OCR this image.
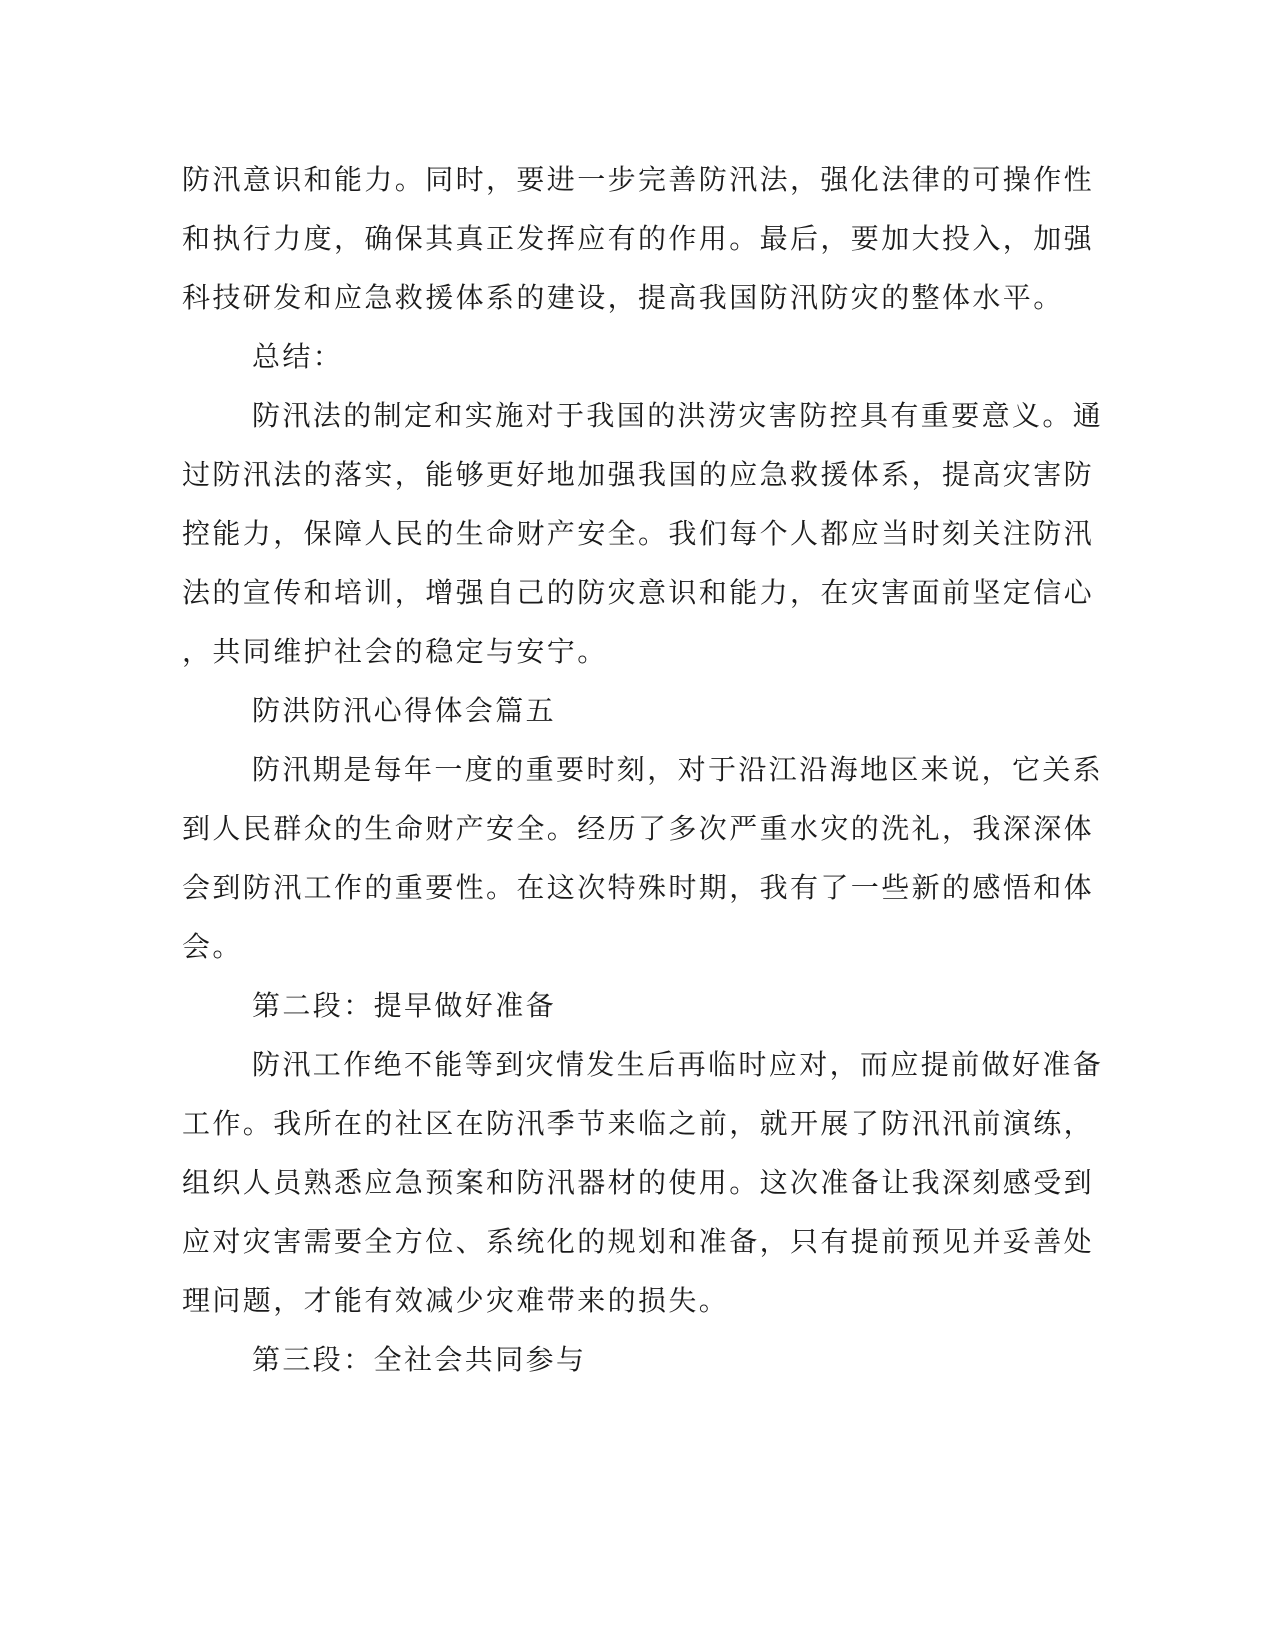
防汛意识和能力。同时，要进一步完善防汛法，强化法律的可操作性

和执行力度，确保其真正发挥应有的作用。最后，要加大投入，加强

科技研发和应急救援体系的建设，提高我国防汛防灾的整体水平。

总结：

防汛法的制定和实施对于我国的洪涝灾害防控具有重要意义。通

过防汛法的落实，能够更好地加强我国的应急救援体系，提高灾害防

控能力，保障人民的生命财产安全。我们每个人都应当时刻关注防汛

法的宣传和培训，增强自己的防灾意识和能力，在灾害面前坚定信心

，共同维护社会的稳定与安宁。

防洪防汛心得体会篇五

防汛期是每年一度的重要时刻，对于沿江沿海地区来说，它关系

到人民群众的生命财产安全。经历了多次严重水灾的洗礼，我深深体

会到防汛工作的重要性。在这次特殊时期，我有了一些新的感悟和体

会。

第二段：提早做好准备

防汛工作绝不能等到灾情发生后再临时应对，而应提前做好准备

工作。我所在的社区在防汛季节来临之前，就开展了防汛汛前演练，

组织人员熟悉应急预案和防汛器材的使用。这次准备让我深刻感受到

应对灾害需要全方位、系统化的规划和准备，只有提前预见并妥善处

理问题，才能有效减少灾难带来的损失。

第三段：全社会共同参与
